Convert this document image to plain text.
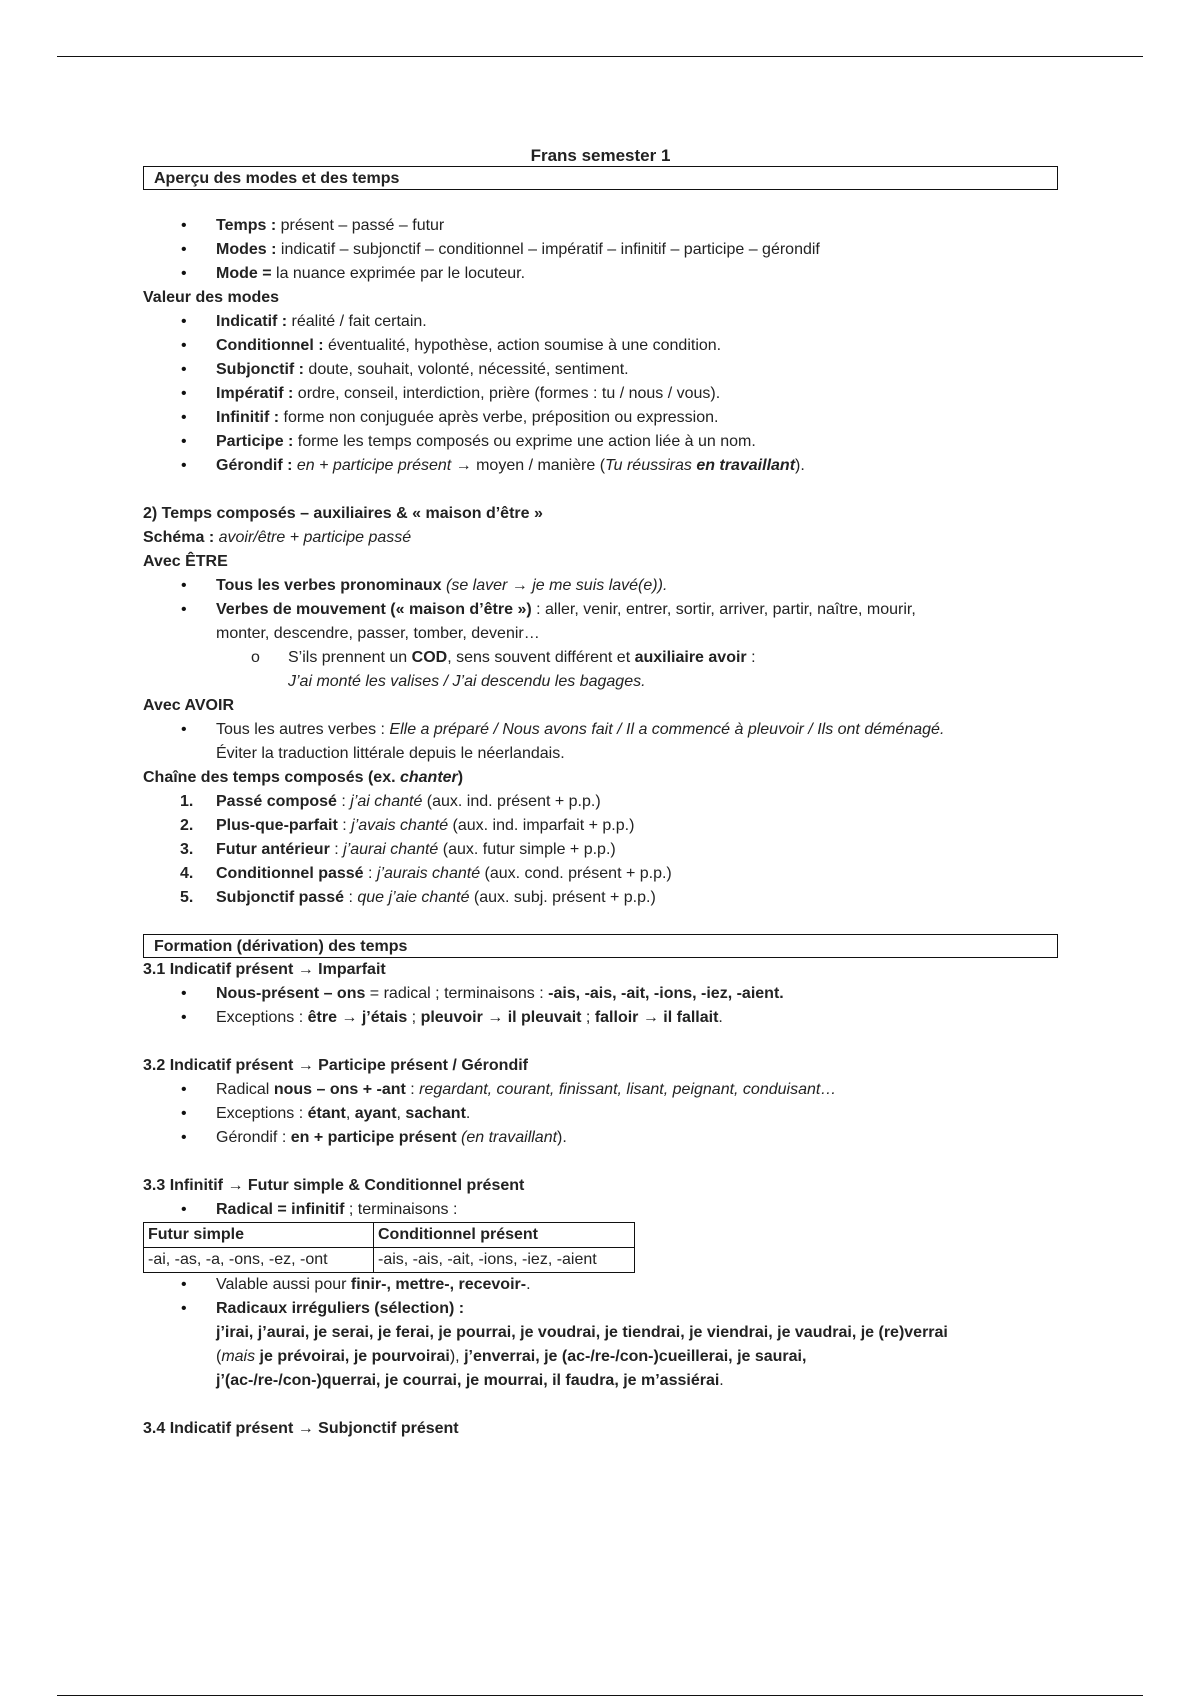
Frans semester 1
Aperçu des modes et des temps
• Temps : présent – passé – futur
• Modes : indicatif – subjonctif – conditionnel – impératif – infinitif – participe – gérondif
• Mode = la nuance exprimée par le locuteur.
Valeur des modes
• Indicatif : réalité / fait certain.
• Conditionnel : éventualité, hypothèse, action soumise à une condition.
• Subjonctif : doute, souhait, volonté, nécessité, sentiment.
• Impératif : ordre, conseil, interdiction, prière (formes : tu / nous / vous).
• Infinitif : forme non conjuguée après verbe, préposition ou expression.
• Participe : forme les temps composés ou exprime une action liée à un nom.
• Gérondif : en + participe présent → moyen / manière (Tu réussiras en travaillant).
2) Temps composés – auxiliaires & « maison d’être »
Schéma : avoir/être + participe passé
Avec ÊTRE
• Tous les verbes pronominaux (se laver → je me suis lavé(e)).
• Verbes de mouvement (« maison d’être ») : aller, venir, entrer, sortir, arriver, partir, naître, mourir,
monter, descendre, passer, tomber, devenir…
o S’ils prennent un COD, sens souvent différent et auxiliaire avoir :
J’ai monté les valises / J’ai descendu les bagages.
Avec AVOIR
• Tous les autres verbes : Elle a préparé / Nous avons fait / Il a commencé à pleuvoir / Ils ont déménagé.
Éviter la traduction littérale depuis le néerlandais.
Chaîne des temps composés (ex. chanter)
1. Passé composé : j’ai chanté (aux. ind. présent + p.p.)
2. Plus-que-parfait : j’avais chanté (aux. ind. imparfait + p.p.)
3. Futur antérieur : j’aurai chanté (aux. futur simple + p.p.)
4. Conditionnel passé : j’aurais chanté (aux. cond. présent + p.p.)
5. Subjonctif passé : que j’aie chanté (aux. subj. présent + p.p.)
Formation (dérivation) des temps
3.1 Indicatif présent → Imparfait
• Nous-présent – ons = radical ; terminaisons : -ais, -ais, -ait, -ions, -iez, -aient.
• Exceptions : être → j’étais ; pleuvoir → il pleuvait ; falloir → il fallait.
3.2 Indicatif présent → Participe présent / Gérondif
• Radical nous – ons + -ant : regardant, courant, finissant, lisant, peignant, conduisant…
• Exceptions : étant, ayant, sachant.
• Gérondif : en + participe présent (en travaillant).
3.3 Infinitif → Futur simple & Conditionnel présent
• Radical = infinitif ; terminaisons :
Futur simple	Conditionnel présent
-ai, -as, -a, -ons, -ez, -ont	-ais, -ais, -ait, -ions, -iez, -aient
• Valable aussi pour finir-, mettre-, recevoir-.
• Radicaux irréguliers (sélection) :
j’irai, j’aurai, je serai, je ferai, je pourrai, je voudrai, je tiendrai, je viendrai, je vaudrai, je (re)verrai
(mais je prévoirai, je pourvoirai), j’enverrai, je (ac-/re-/con-)cueillerai, je saurai,
j’(ac-/re-/con-)querrai, je courrai, je mourrai, il faudra, je m’assiérai.
3.4 Indicatif présent → Subjonctif présent
